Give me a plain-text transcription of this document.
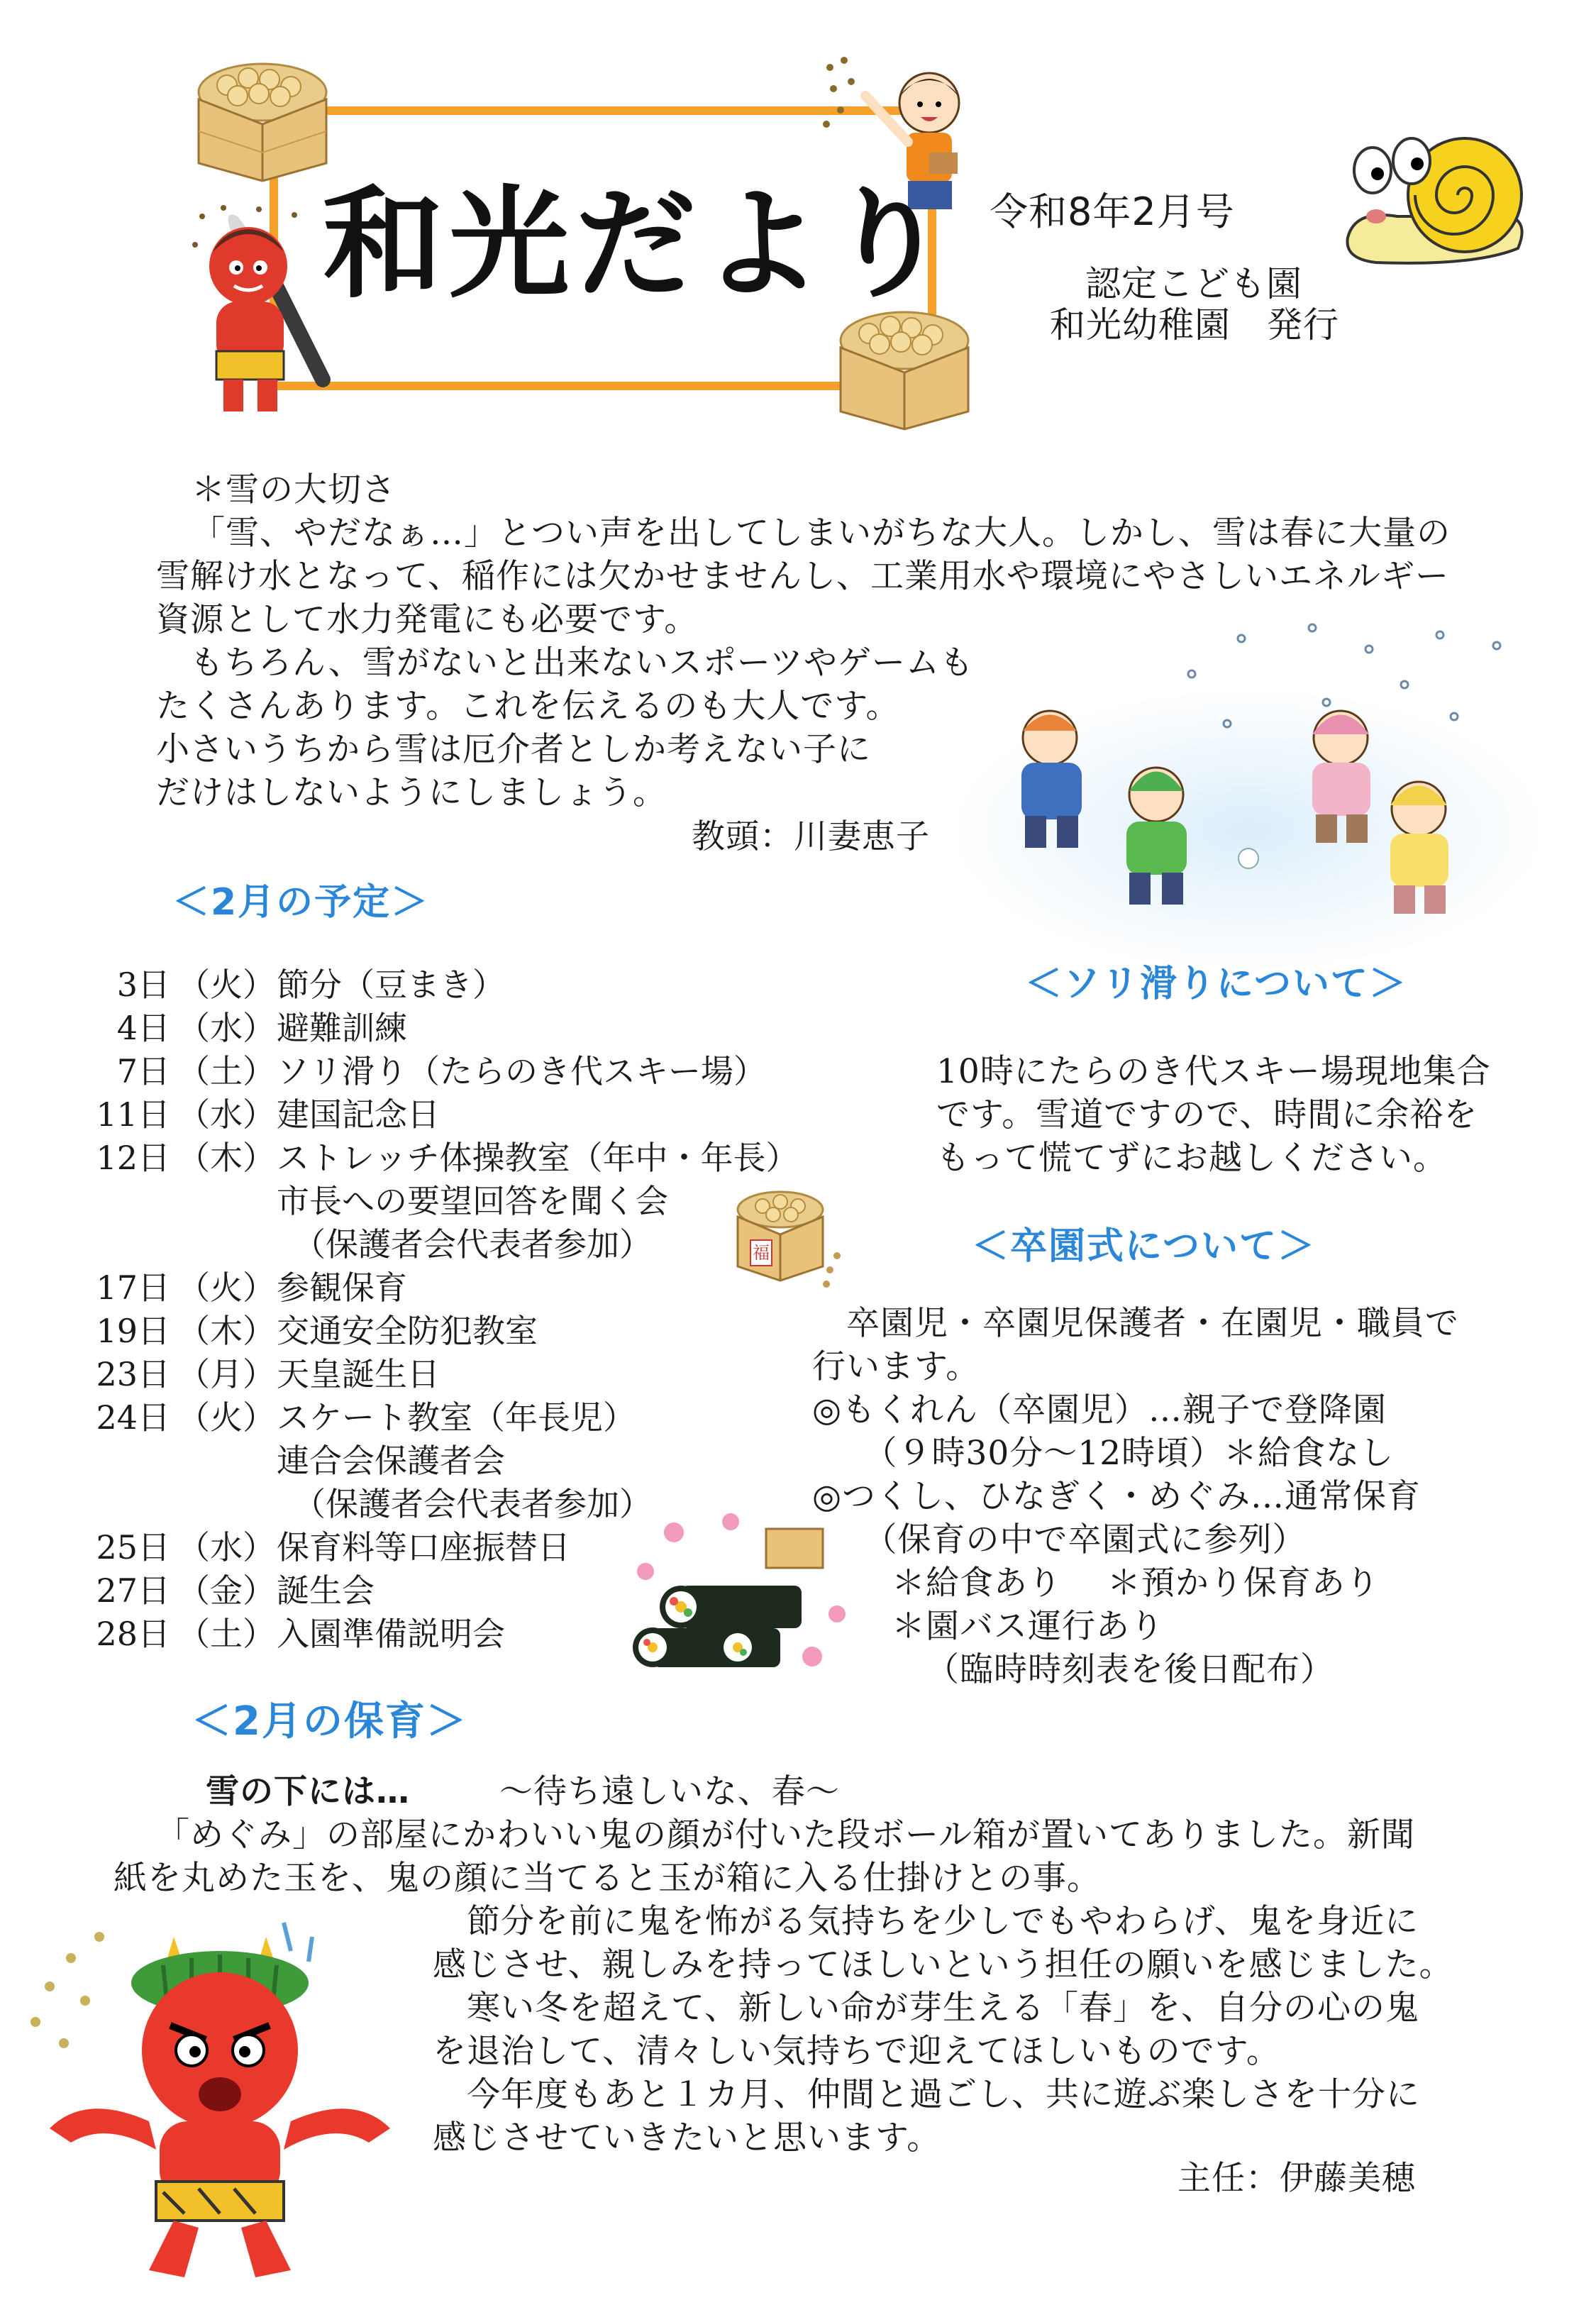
和光だより 令和8年2月号
認定こども園
和光幼稚園　発行
＊雪の大切さ
「雪、やだなぁ…」とつい声を出してしまいがちな大人。しかし、雪は春に大量の
雪解け水となって、稲作には欠かせませんし、工業用水や環境にやさしいエネルギー
資源として水力発電にも必要です。
　もちろん、雪がないと出来ないスポーツやゲームも
たくさんあります。これを伝えるのも大人です。
小さいうちから雪は厄介者としか考えない子に
だけはしないようにしましょう。
教頭：川妻恵子
＜2月の予定＞
3日 （火） 節分（豆まき）
4日 （水） 避難訓練
7日 （土） ソリ滑り（たらのき代スキー場）
11日 （水） 建国記念日
12日 （木） ストレッチ体操教室（年中・年長）
市長への要望回答を聞く会
　（保護者会代表者参加）
17日 （火） 参観保育
19日 （木） 交通安全防犯教室
23日 （月） 天皇誕生日
24日 （火） スケート教室（年長児）
連合会保護者会
　（保護者会代表者参加）
25日 （水） 保育料等口座振替日
27日 （金） 誕生会
28日 （土） 入園準備説明会
福
＜ソリ滑りについて＞
10時にたらのき代スキー場現地集合
です。雪道ですので、時間に余裕を
もって慌てずにお越しください。
＜卒園式について＞
　卒園児・卒園児保護者・在園児・職員で
行います。
◎もくれん（卒園児）…親子で登降園
　　（９時30分～12時頃）＊給食なし
◎つくし、ひなぎく・めぐみ…通常保育
　　（保育の中で卒園式に参列）
　　 ＊給食あり　 ＊預かり保育あり
　　 ＊園バス運行あり
　　　 （臨時時刻表を後日配布）
＜2月の保育＞
雪の下には…	～待ち遠しいな、春～
「めぐみ」の部屋にかわいい鬼の顔が付いた段ボール箱が置いてありました。新聞
紙を丸めた玉を、鬼の顔に当てると玉が箱に入る仕掛けとの事。
　節分を前に鬼を怖がる気持ちを少しでもやわらげ、鬼を身近に
感じさせ、親しみを持ってほしいという担任の願いを感じました。
　寒い冬を超えて、新しい命が芽生える「春」を、自分の心の鬼
を退治して、清々しい気持ちで迎えてほしいものです。
　今年度もあと１カ月、仲間と過ごし、共に遊ぶ楽しさを十分に
感じさせていきたいと思います。
主任：伊藤美穂
